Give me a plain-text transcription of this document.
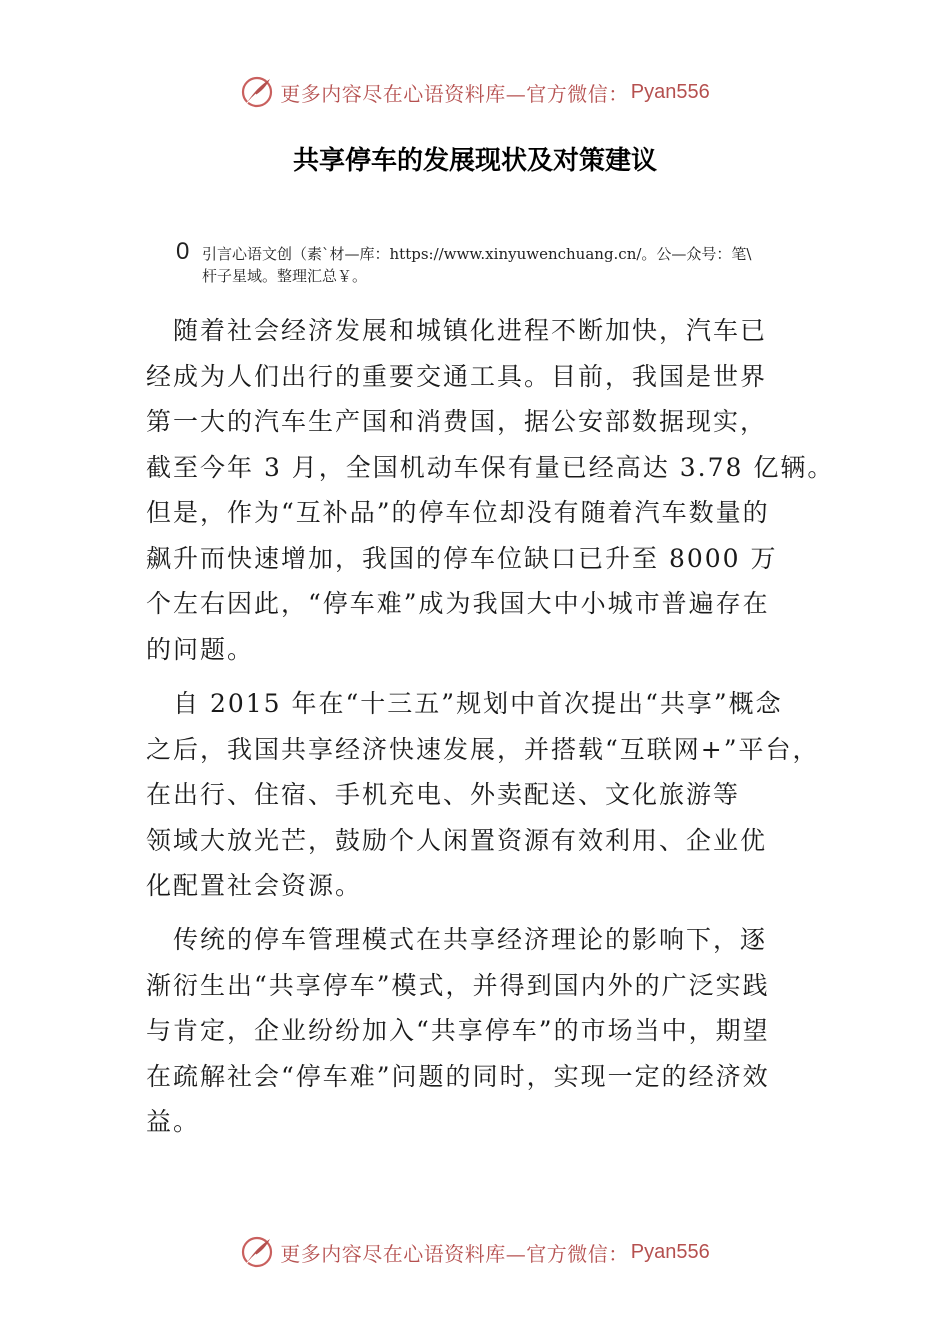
更多内容尽在心语资料库—官方微信： Pyan556
共享停车的发展现状及对策建议
0 引言心语文创（素`材—库：https://www.xinyuwenchuang.cn/。公—众号：笔\
杆子星域。整理汇总￥。
　随着社会经济发展和城镇化进程不断加快，汽车已
经成为人们出行的重要交通工具。目前，我国是世界
第一大的汽车生产国和消费国，据公安部数据现实，
截至今年 3 月，全国机动车保有量已经高达 3.78 亿辆。
但是，作为“互补品”的停车位却没有随着汽车数量的
飙升而快速增加，我国的停车位缺口已升至 8000 万
个左右因此，“停车难”成为我国大中小城市普遍存在
的问题。
　自 2015 年在“十三五”规划中首次提出“共享”概念
之后，我国共享经济快速发展，并搭载“互联网+”平台，
在出行、住宿、手机充电、外卖配送、文化旅游等
领域大放光芒，鼓励个人闲置资源有效利用、企业优
化配置社会资源。
　传统的停车管理模式在共享经济理论的影响下，逐
渐衍生出“共享停车”模式，并得到国内外的广泛实践
与肯定，企业纷纷加入“共享停车”的市场当中，期望
在疏解社会“停车难”问题的同时，实现一定的经济效
益。
更多内容尽在心语资料库—官方微信： Pyan556
